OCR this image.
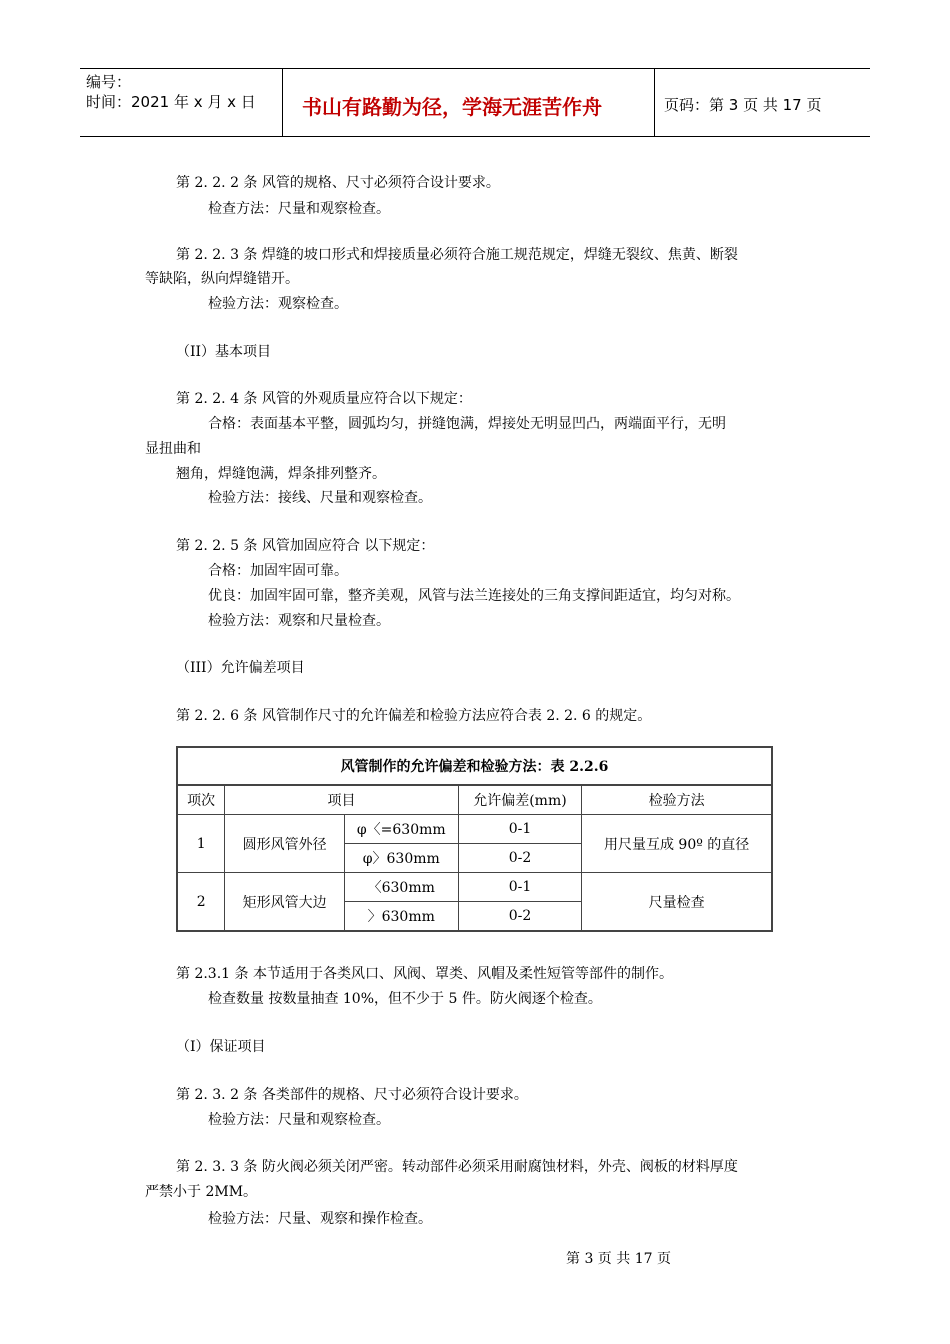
编号：
时间：2021 年 x 月 x 日 书山有路勤为径，学海无涯苦作舟	页码：第 3 页 共 17 页
第 2. 2. 2 条 风管的规格、尺寸必须符合设计要求。
检查方法：尺量和观察检查。
第 2. 2. 3 条 焊缝的坡口形式和焊接质量必须符合施工规范规定，焊缝无裂纹、焦黄、断裂
等缺陷，纵向焊缝错开。
检验方法：观察检查。
（II）基本项目
第 2. 2. 4 条 风管的外观质量应符合以下规定：
合格：表面基本平整，圆弧均匀，拼缝饱满，焊接处无明显凹凸，两端面平行，无明
显扭曲和
翘角，焊缝饱满，焊条排列整齐。
检验方法：接线、尺量和观察检查。
第 2. 2. 5 条 风管加固应符合 以下规定：
合格：加固牢固可靠。
优良：加固牢固可靠，整齐美观，风管与法兰连接处的三角支撑间距适宜，均匀对称。
检验方法：观察和尺量检查。
（III）允许偏差项目
第 2. 2. 6 条 风管制作尺寸的允许偏差和检验方法应符合表 2. 2. 6 的规定。
风管制作的允许偏差和检验方法：表 2.2.6				
项次	项目		允许偏差(mm)	检验方法
1	圆形风管外径	φ〈=630mm	0-1	用尺量互成 90º 的直径
		φ〉630mm	0-2	
2	矩形风管大边	〈630mm	0-1	尺量检查
		〉630mm	0-2	
第 2.3.1 条 本节适用于各类风口、风阀、罩类、风帽及柔性短管等部件的制作。
检查数量 按数量抽查 10%，但不少于 5 件。防火阀逐个检查。
（I）保证项目
第 2. 3. 2 条 各类部件的规格、尺寸必须符合设计要求。
检验方法：尺量和观察检查。
第 2. 3. 3 条 防火阀必须关闭严密。转动部件必须采用耐腐蚀材料，外壳、阀板的材料厚度
严禁小于 2MM。
检验方法：尺量、观察和操作检查。
第 3 页 共 17 页
